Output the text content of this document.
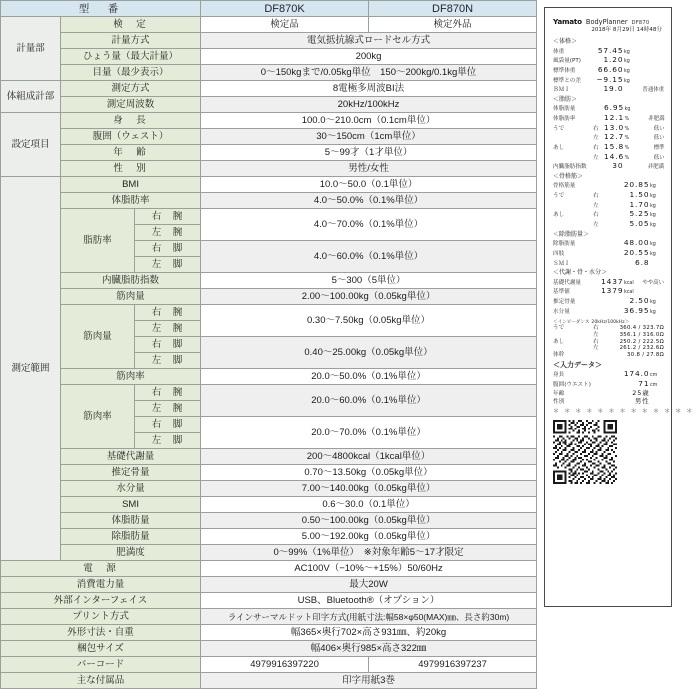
型　番			DF870K	DF870N
計量部	検　定		検定品	検定外品
	計量方式		電気抵抗線式ロードセル方式	
	ひょう量（最大計量）		200kg	
	目量（最少表示）		0〜150kgまで/0.05kg単位　150〜200kg/0.1kg単位	
体組成計部	測定方式		8電極多周波BI法	
	測定周波数		20kHz/100kHz	
設定項目	身　長		100.0〜210.0cm（0.1cm単位）	
	腹囲（ウェスト）		30〜150cm（1cm単位）	
	年　齢		5〜99才（1才単位）	
	性　別		男性/女性	
測定範囲	BMI		10.0〜50.0（0.1単位）	
	体脂肪率		4.0〜50.0%（0.1%単位）	
	脂肪率	右　腕	4.0〜70.0%（0.1%単位）	
		左　腕		
		右　脚	4.0〜60.0%（0.1%単位）	
		左　脚		
	内臓脂肪指数		5〜300（5単位）	
	筋肉量		2.00〜100.00kg（0.05kg単位）	
	筋肉量	右　腕	0.30〜7.50kg（0.05kg単位）	
		左　腕		
		右　脚	0.40〜25.00kg（0.05kg単位）	
		左　脚		
	筋肉率		20.0〜50.0%（0.1%単位）	
	筋肉率	右　腕	20.0〜60.0%（0.1%単位）	
		左　腕		
		右　脚	20.0〜70.0%（0.1%単位）	
		左　脚		
	基礎代謝量		200〜4800kcal（1kcal単位）	
	推定骨量		0.70〜13.50kg（0.05kg単位）	
	水分量		7.00〜140.00kg（0.05kg単位）	
	SMI		0.6〜30.0（0.1単位）	
	体脂肪量		0.50〜100.00kg（0.05kg単位）	
	除脂肪量		5.00〜192.00kg（0.05kg単位）	
	肥満度		0〜99%（1%単位）　※対象年齢5〜17才限定	
電　源			AC100V（−10%〜+15%）50/60Hz	
消費電力量			最大20W	
外部インターフェイス			USB、Bluetooth®（オプション）	
プリント方式			ラインサーマルドット印字方式(用紙寸法:幅58×φ50(MAX)㎜、長さ約30m)	
外形寸法・自重			幅365×奥行702×高さ931㎜、約20kg	
梱包サイズ			幅406×奥行985×高さ322㎜	
バーコード			4979916397220	4979916397237
主な付属品			印字用紙3巻	
Yamato BodyPlanner DF870
2018年 8月29日 14時48分
＜体格＞
体重	57.45 kg
風袋量(PT)	1.20 kg
標準体重	66.60 kg
標準との差	−9.15 kg
ＢＭＩ	19.0	普通体重
＜脂肪＞
体脂肪量	6.95 kg
体脂肪率	12.1 %	非肥満
うで	右 13.0 %	低い
左 12.7 %	低い
あし	右 15.8 %	標準
左 14.6 %	低い
内臓脂肪指数	30	非肥満
＜骨格筋＞
骨格筋量	20.85 kg
うで	右	1.50 kg
左	1.70 kg
あし	右	5.25 kg
左	5.05 kg
＜除脂肪量＞
除脂肪量	48.00 kg
四肢	20.55 kg
ＳＭＩ	6.8
＜代謝・骨・水分＞
基礎代謝量	1437 kcal	やや高い
基準値	1379 kcal
推定骨量	2.50 kg
水分量	36.95 kg
＜インピーダンス 20kHz/100kHz＞
うで	右	360.4 / 323.7Ω
左	356.1 / 316.0Ω
あし	右	250.2 / 222.5Ω
左	261.2 / 232.6Ω
体幹	30.8 / 27.8Ω
＜入力データ＞
身長	174.0 cm
腹囲(ウエスト)	71 cm
年齢	25歳
性別	男性
＊ ＊ ＊ ＊ ＊ ＊ ＊ ＊ ＊ ＊ ＊ ＊ ＊
